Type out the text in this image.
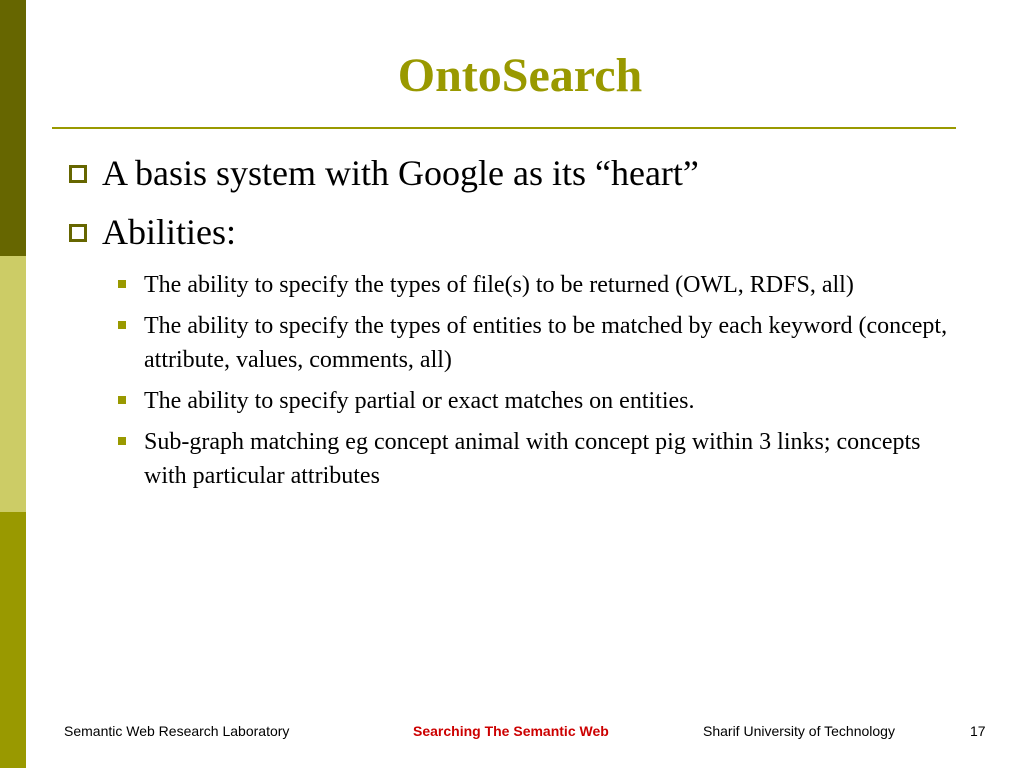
OntoSearch
A basis system with Google as its “heart”
Abilities:
The ability to specify the types of file(s) to be returned (OWL, RDFS, all)
The ability to specify the types of entities to be matched by each keyword (concept, attribute, values, comments, all)
The ability to specify partial or exact matches on entities.
Sub-graph matching eg concept animal with concept pig within 3 links; concepts with particular attributes
Semantic Web Research Laboratory	Searching The Semantic Web	Sharif University of Technology	17
